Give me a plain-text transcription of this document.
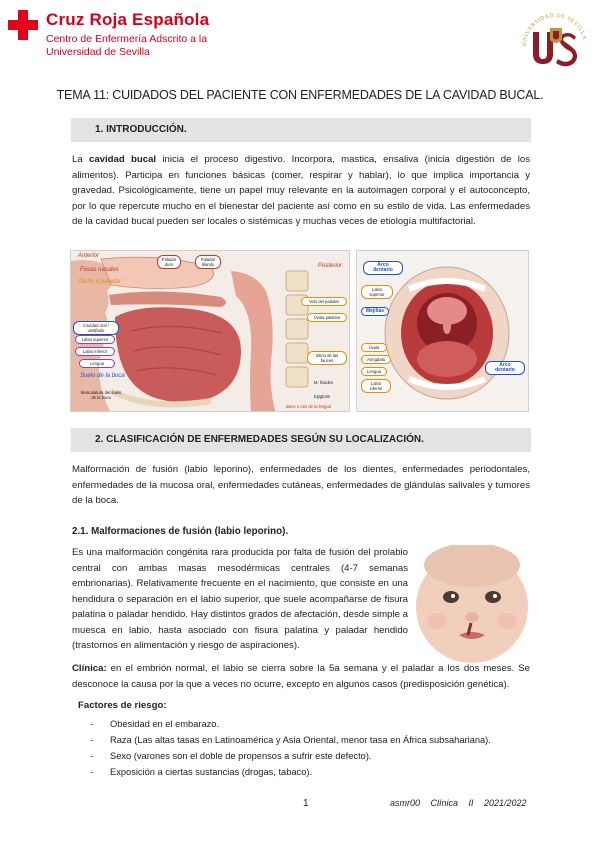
Cruz Roja Española
Centro de Enfermería Adscrito a la
Universidad de Sevilla
UNIVERSIDAD DE SEVILLA
TEMA 11: CUIDADOS DEL PACIENTE CON ENFERMEDADES DE LA CAVIDAD BUCAL.
1. INTRODUCCIÓN.
La cavidad bucal inicia el proceso digestivo. Incorpora, mastica, ensaliva (inicia digestión de los alimentos). Participa en funciones básicas (comer, respirar y hablar), lo que implica importancia y gravedad. Psicológicamente, tiene un papel muy relevante en la autoimagen corporal y el autoconcepto, por lo que repercute mucho en el bienestar del paciente así como en su estilo de vida. Las enfermedades de la cavidad bucal pueden ser locales o sistémicas y muchas veces de etiología multifactorial.
Anterior
Posterior
Fosas nasales
Techo o paladar
Cavidad oral / vestíbulo
Labio superior
Labio inferior
Lengua
Suelo de la boca
Musculatura del suelo de la boca
Paladar duro
Paladar blando
Velo del paladar
Úvula palatina
Istmo de las fauces
M. hioides
Epiglotis
Base o raíz de la lengua
Arco dentario
Labio superior
Mejillas
Úvula
Amígdala
Lengua
Labio inferior
Arco dentario
2. CLASIFICACIÓN DE ENFERMEDADES SEGÚN SU LOCALIZACIÓN.
Malformación de fusión (labio leporino), enfermedades de los dientes, enfermedades periodontales, enfermedades de la mucosa oral, enfermedades cutáneas, enfermedades de glándulas salivales y tumores de la boca.
2.1. Malformaciones de fusión (labio leporino).
Es una malformación congénita rara producida por falta de fusión del prolabio central con ambas masas mesodérmicas centrales (4-7 semanas embrionarias). Relativamente frecuente en el nacimiento, que consiste en una hendidura o separación en el labio superior, que suele acompañarse de fisura palatina o paladar hendido. Hay distintos grados de afectación, desde simple a muesca en labio, hasta asociado con fisura palatina y paladar hendido (trastornos en alimentación y riesgo de aspiraciones).
Clínica: en el embrión normal, el labio se cierra sobre la 5a semana y el paladar a los dos meses. Se desconoce la causa por la que a veces no ocurre, excepto en algunos casos (predisposición genética).
Factores de riesgo:
- Obesidad en el embarazo.
- Raza (Las altas tasas en Latinoamérica y Asia Oriental, menor tasa en África subsahariana).
- Sexo (varones son el doble de propensos a sufrir este defecto).
- Exposición a ciertas sustancias (drogas, tabaco).
1	asmr00 Clínica II 2021/2022
